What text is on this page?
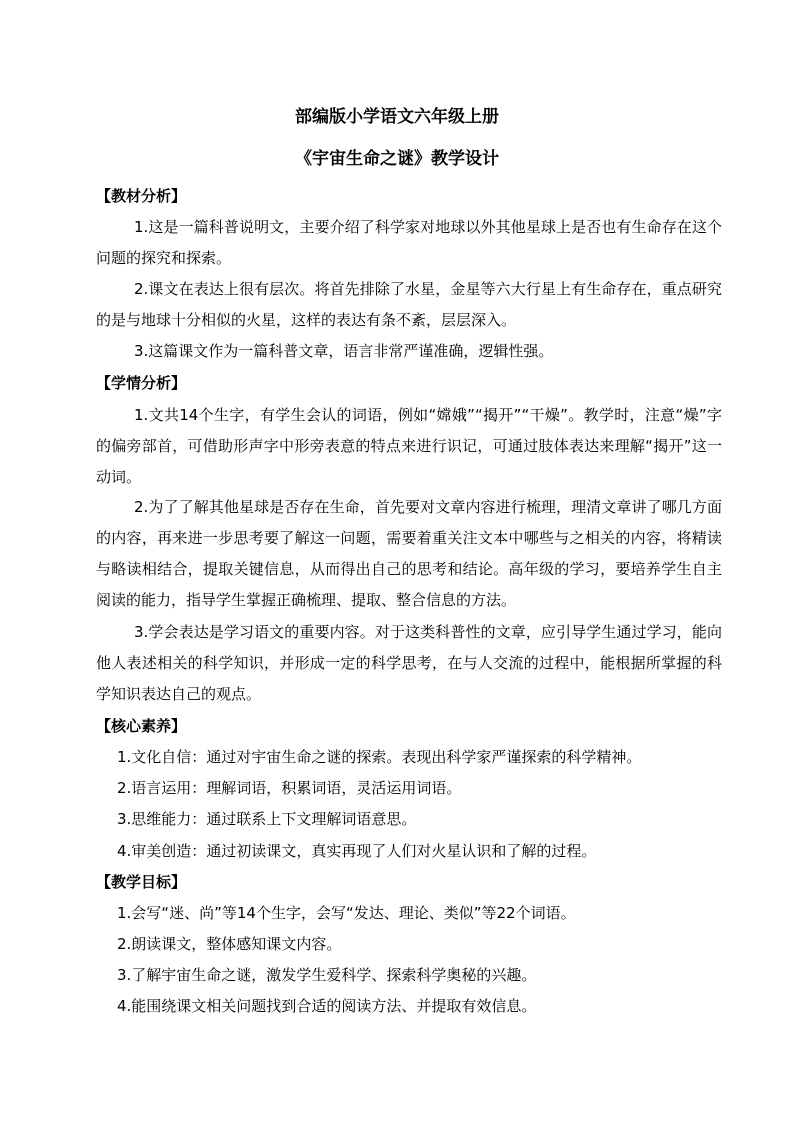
部编版小学语文六年级上册
《宇宙生命之谜》教学设计
【教材分析】
1.这是一篇科普说明文，主要介绍了科学家对地球以外其他星球上是否也有生命存在这个问题的探究和探索。
2.课文在表达上很有层次。将首先排除了水星，金星等六大行星上有生命存在，重点研究的是与地球十分相似的火星，这样的表达有条不紊，层层深入。
3.这篇课文作为一篇科普文章，语言非常严谨准确，逻辑性强。
【学情分析】
1.文共14个生字，有学生会认的词语，例如“嫦娥”“揭开”“干燥”。教学时，注意“燥”字的偏旁部首，可借助形声字中形旁表意的特点来进行识记，可通过肢体表达来理解“揭开”这一动词。
2.为了了解其他星球是否存在生命，首先要对文章内容进行梳理，理清文章讲了哪几方面的内容，再来进一步思考要了解这一问题，需要着重关注文本中哪些与之相关的内容，将精读与略读相结合，提取关键信息，从而得出自己的思考和结论。高年级的学习，要培养学生自主阅读的能力，指导学生掌握正确梳理、提取、整合信息的方法。
3.学会表达是学习语文的重要内容。对于这类科普性的文章，应引导学生通过学习，能向他人表述相关的科学知识，并形成一定的科学思考，在与人交流的过程中，能根据所掌握的科学知识表达自己的观点。
【核心素养】
1.文化自信：通过对宇宙生命之谜的探索。表现出科学家严谨探索的科学精神。
2.语言运用：理解词语，积累词语，灵活运用词语。
3.思维能力：通过联系上下文理解词语意思。
4.审美创造：通过初读课文，真实再现了人们对火星认识和了解的过程。
【教学目标】
1.会写“迷、尚”等14个生字，会写“发达、理论、类似”等22个词语。
2.朗读课文，整体感知课文内容。
3.了解宇宙生命之谜，激发学生爱科学、探索科学奥秘的兴趣。
4.能围绕课文相关问题找到合适的阅读方法、并提取有效信息。
